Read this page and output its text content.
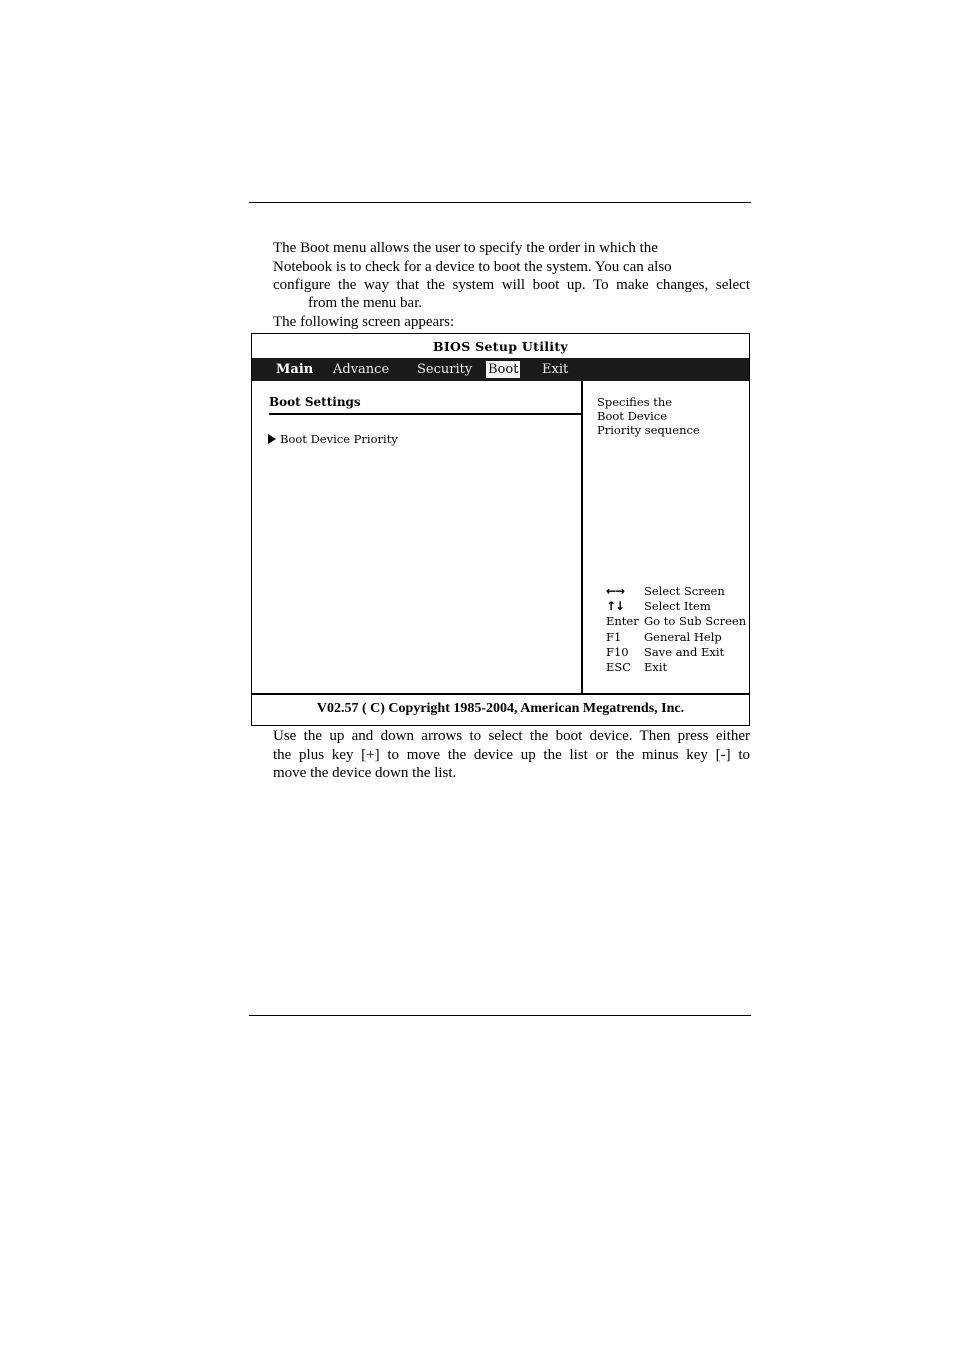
The Boot menu allows the user to specify the order in which the
Notebook is to check for a device to boot the system. You can also
configure the way that the system will boot up. To make changes, select
from the menu bar.
The following screen appears:
BIOS Setup Utility
Main Advance Security Boot Exit
Boot Settings
Boot Device Priority
Specifies the
Boot Device
Priority sequence
←→	Select Screen
↑↓	Select Item
Enter Go to Sub Screen
F1	General Help
F10	Save and Exit
ESC	Exit
V02.57 ( C) Copyright 1985-2004, American Megatrends, Inc.
Use the up and down arrows to select the boot device. Then press either
the plus key [+] to move the device up the list or the minus key [-] to
move the device down the list.
